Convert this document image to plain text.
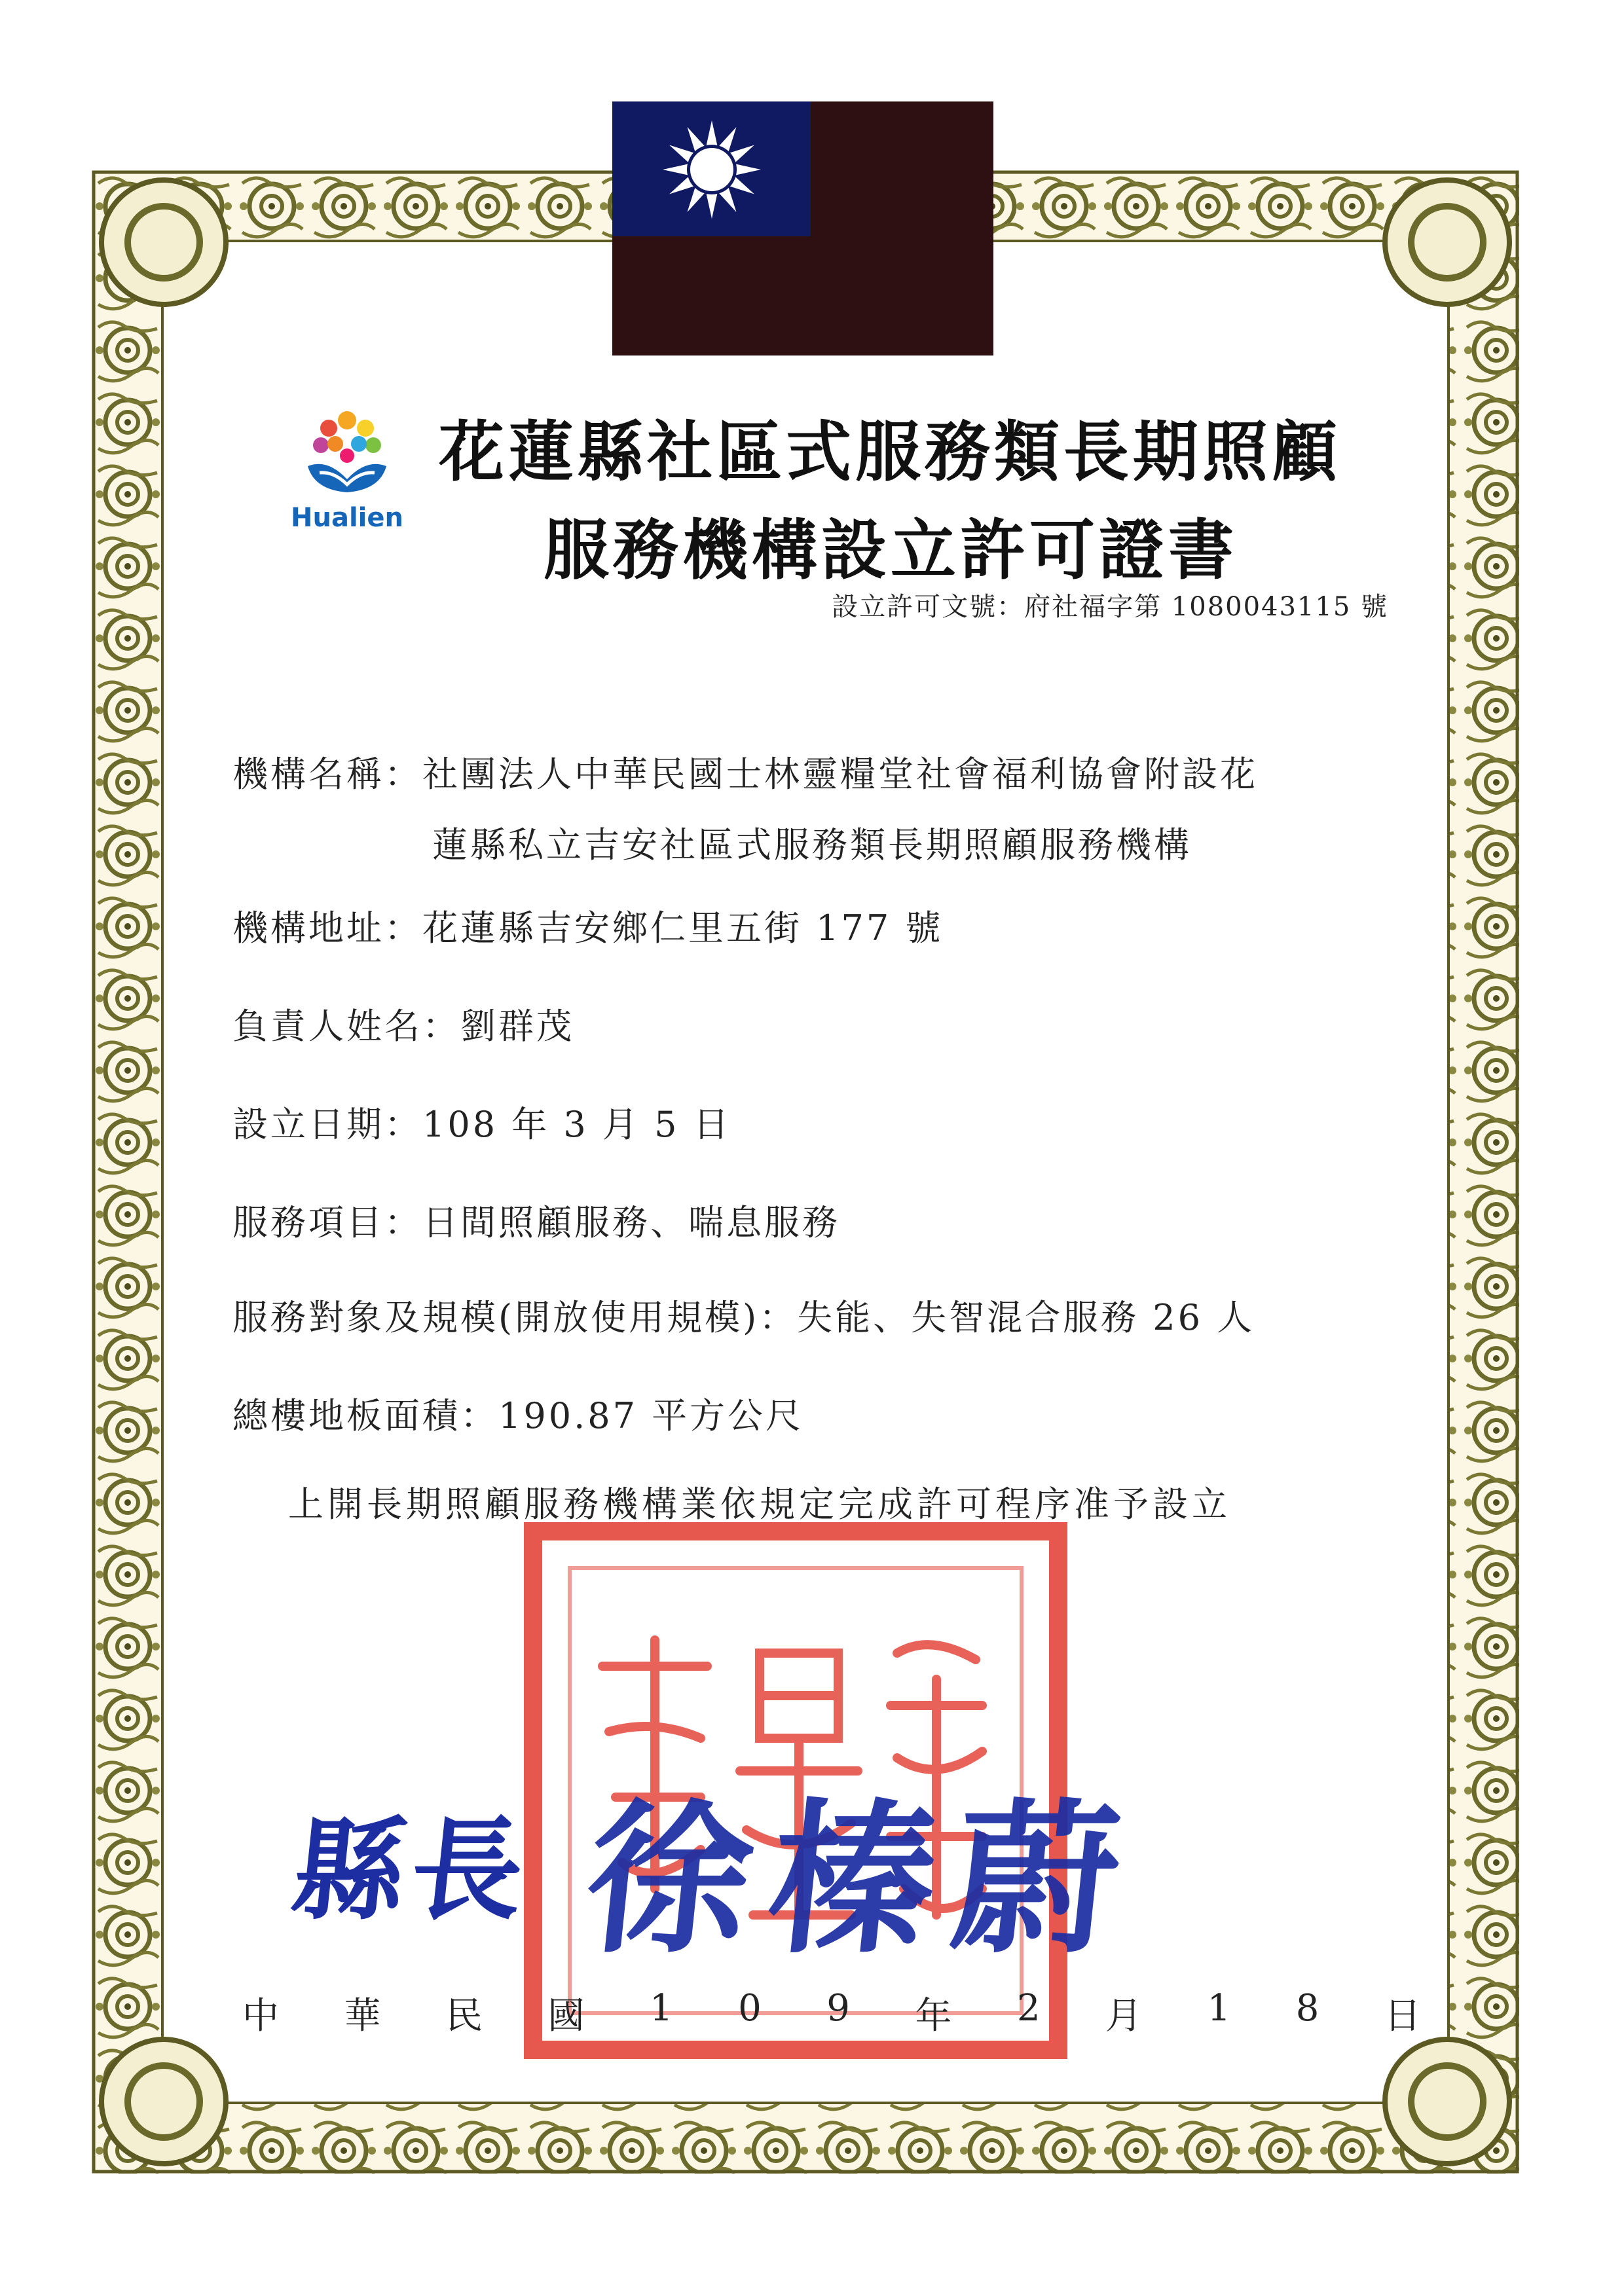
Hualien
花蓮縣社區式服務類長期照顧
服務機構設立許可證書
設立許可文號：府社福字第 1080043115 號
機構名稱：社團法人中華民國士林靈糧堂社會福利協會附設花
蓮縣私立吉安社區式服務類長期照顧服務機構
機構地址：花蓮縣吉安鄉仁里五街 177 號
負責人姓名：劉群茂
設立日期：108 年 3 月 5 日
服務項目：日間照顧服務、喘息服務
服務對象及規模(開放使用規模)：失能、失智混合服務 26 人
總樓地板面積：190.87 平方公尺
上開長期照顧服務機構業依規定完成許可程序准予設立
縣長 徐榛蔚
中 華 民 國 1 0 9 年 2 月 1 8 日
